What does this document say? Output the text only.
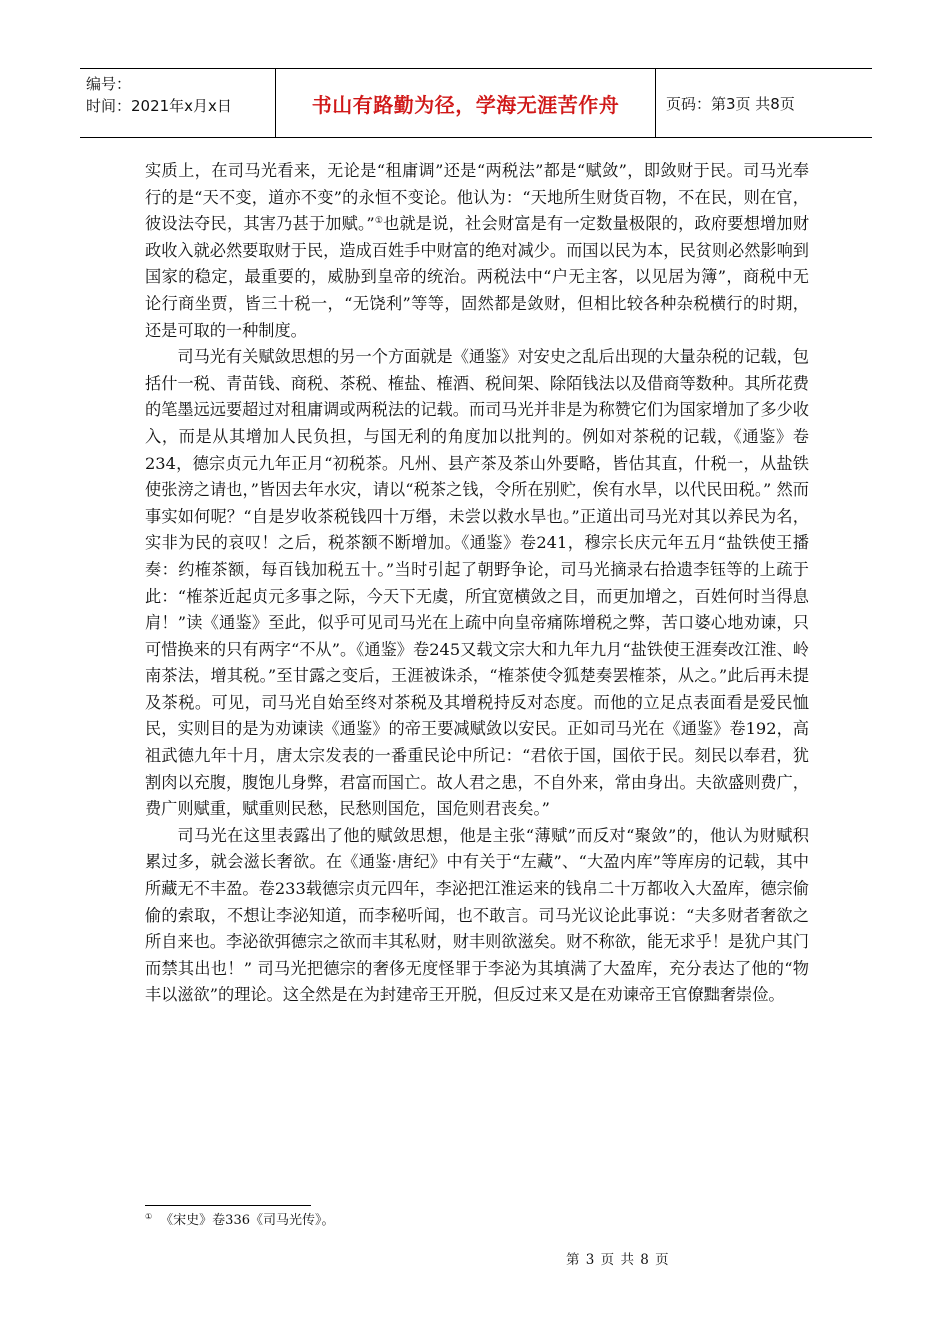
编号：
时间：2021年x月x日	书山有路勤为径，学海无涯苦作舟	页码：第3页 共8页

实质上，在司马光看来，无论是“租庸调”还是“两税法”都是“赋敛”，即敛财于民。司马光奉行的是“天不变，道亦不变”的永恒不变论。他认为：“天地所生财货百物，不在民，则在官，彼设法夺民，其害乃甚于加赋。”①也就是说，社会财富是有一定数量极限的，政府要想增加财政收入就必然要取财于民，造成百姓手中财富的绝对减少。而国以民为本，民贫则必然影响到国家的稳定，最重要的，威胁到皇帝的统治。两税法中“户无主客，以见居为簿”，商税中无论行商坐贾，皆三十税一，“无饶利”等等，固然都是敛财，但相比较各种杂税横行的时期，还是可取的一种制度。

司马光有关赋敛思想的另一个方面就是《通鉴》对安史之乱后出现的大量杂税的记载，包括什一税、青苗钱、商税、茶税、榷盐、榷酒、税间架、除陌钱法以及借商等数种。其所花费的笔墨远远要超过对租庸调或两税法的记载。而司马光并非是为称赞它们为国家增加了多少收入，而是从其增加人民负担，与国无利的角度加以批判的。例如对茶税的记载，《通鉴》卷234，德宗贞元九年正月“初税茶。凡州、县产茶及茶山外要略，皆估其直，什税一，从盐铁使张滂之请也，”皆因去年水灾，请以“税茶之钱，令所在别贮，俟有水旱，以代民田税。” 然而事实如何呢？“自是岁收茶税钱四十万缗，未尝以救水旱也。”正道出司马光对其以养民为名，实非为民的哀叹！之后，税茶额不断增加。《通鉴》卷241，穆宗长庆元年五月“盐铁使王播奏：约榷茶额，每百钱加税五十。”当时引起了朝野争论，司马光摘录右拾遗李钰等的上疏于此：“榷茶近起贞元多事之际，今天下无虞，所宜宽横敛之目，而更加增之，百姓何时当得息肩！”读《通鉴》至此，似乎可见司马光在上疏中向皇帝痛陈增税之弊，苦口婆心地劝谏，只可惜换来的只有两字“不从”。《通鉴》卷245又载文宗大和九年九月“盐铁使王涯奏改江淮、岭南茶法，增其税。”至甘露之变后，王涯被诛杀，“榷茶使令狐楚奏罢榷茶，从之。”此后再未提及茶税。可见，司马光自始至终对茶税及其增税持反对态度。而他的立足点表面看是爱民恤民，实则目的是为劝谏读《通鉴》的帝王要减赋敛以安民。正如司马光在《通鉴》卷192，高祖武德九年十月，唐太宗发表的一番重民论中所记：“君依于国，国依于民。刻民以奉君，犹割肉以充腹，腹饱儿身弊，君富而国亡。故人君之患，不自外来，常由身出。夫欲盛则费广，费广则赋重，赋重则民愁，民愁则国危，国危则君丧矣。”

司马光在这里表露出了他的赋敛思想，他是主张“薄赋”而反对“聚敛”的，他认为财赋积累过多，就会滋长奢欲。在《通鉴·唐纪》中有关于“左藏”、“大盈内库”等库房的记载，其中所藏无不丰盈。卷233载德宗贞元四年，李泌把江淮运来的钱帛二十万都收入大盈库，德宗偷偷的索取，不想让李泌知道，而李秘听闻，也不敢言。司马光议论此事说：“夫多财者奢欲之所自来也。李泌欲弭德宗之欲而丰其私财，财丰则欲滋矣。财不称欲，能无求乎！是犹户其门而禁其出也！” 司马光把德宗的奢侈无度怪罪于李泌为其填满了大盈库，充分表达了他的“物丰以滋欲”的理论。这全然是在为封建帝王开脱，但反过来又是在劝谏帝王官僚黜奢崇俭。

① 《宋史》卷336《司马光传》。
第 3 页 共 8 页
